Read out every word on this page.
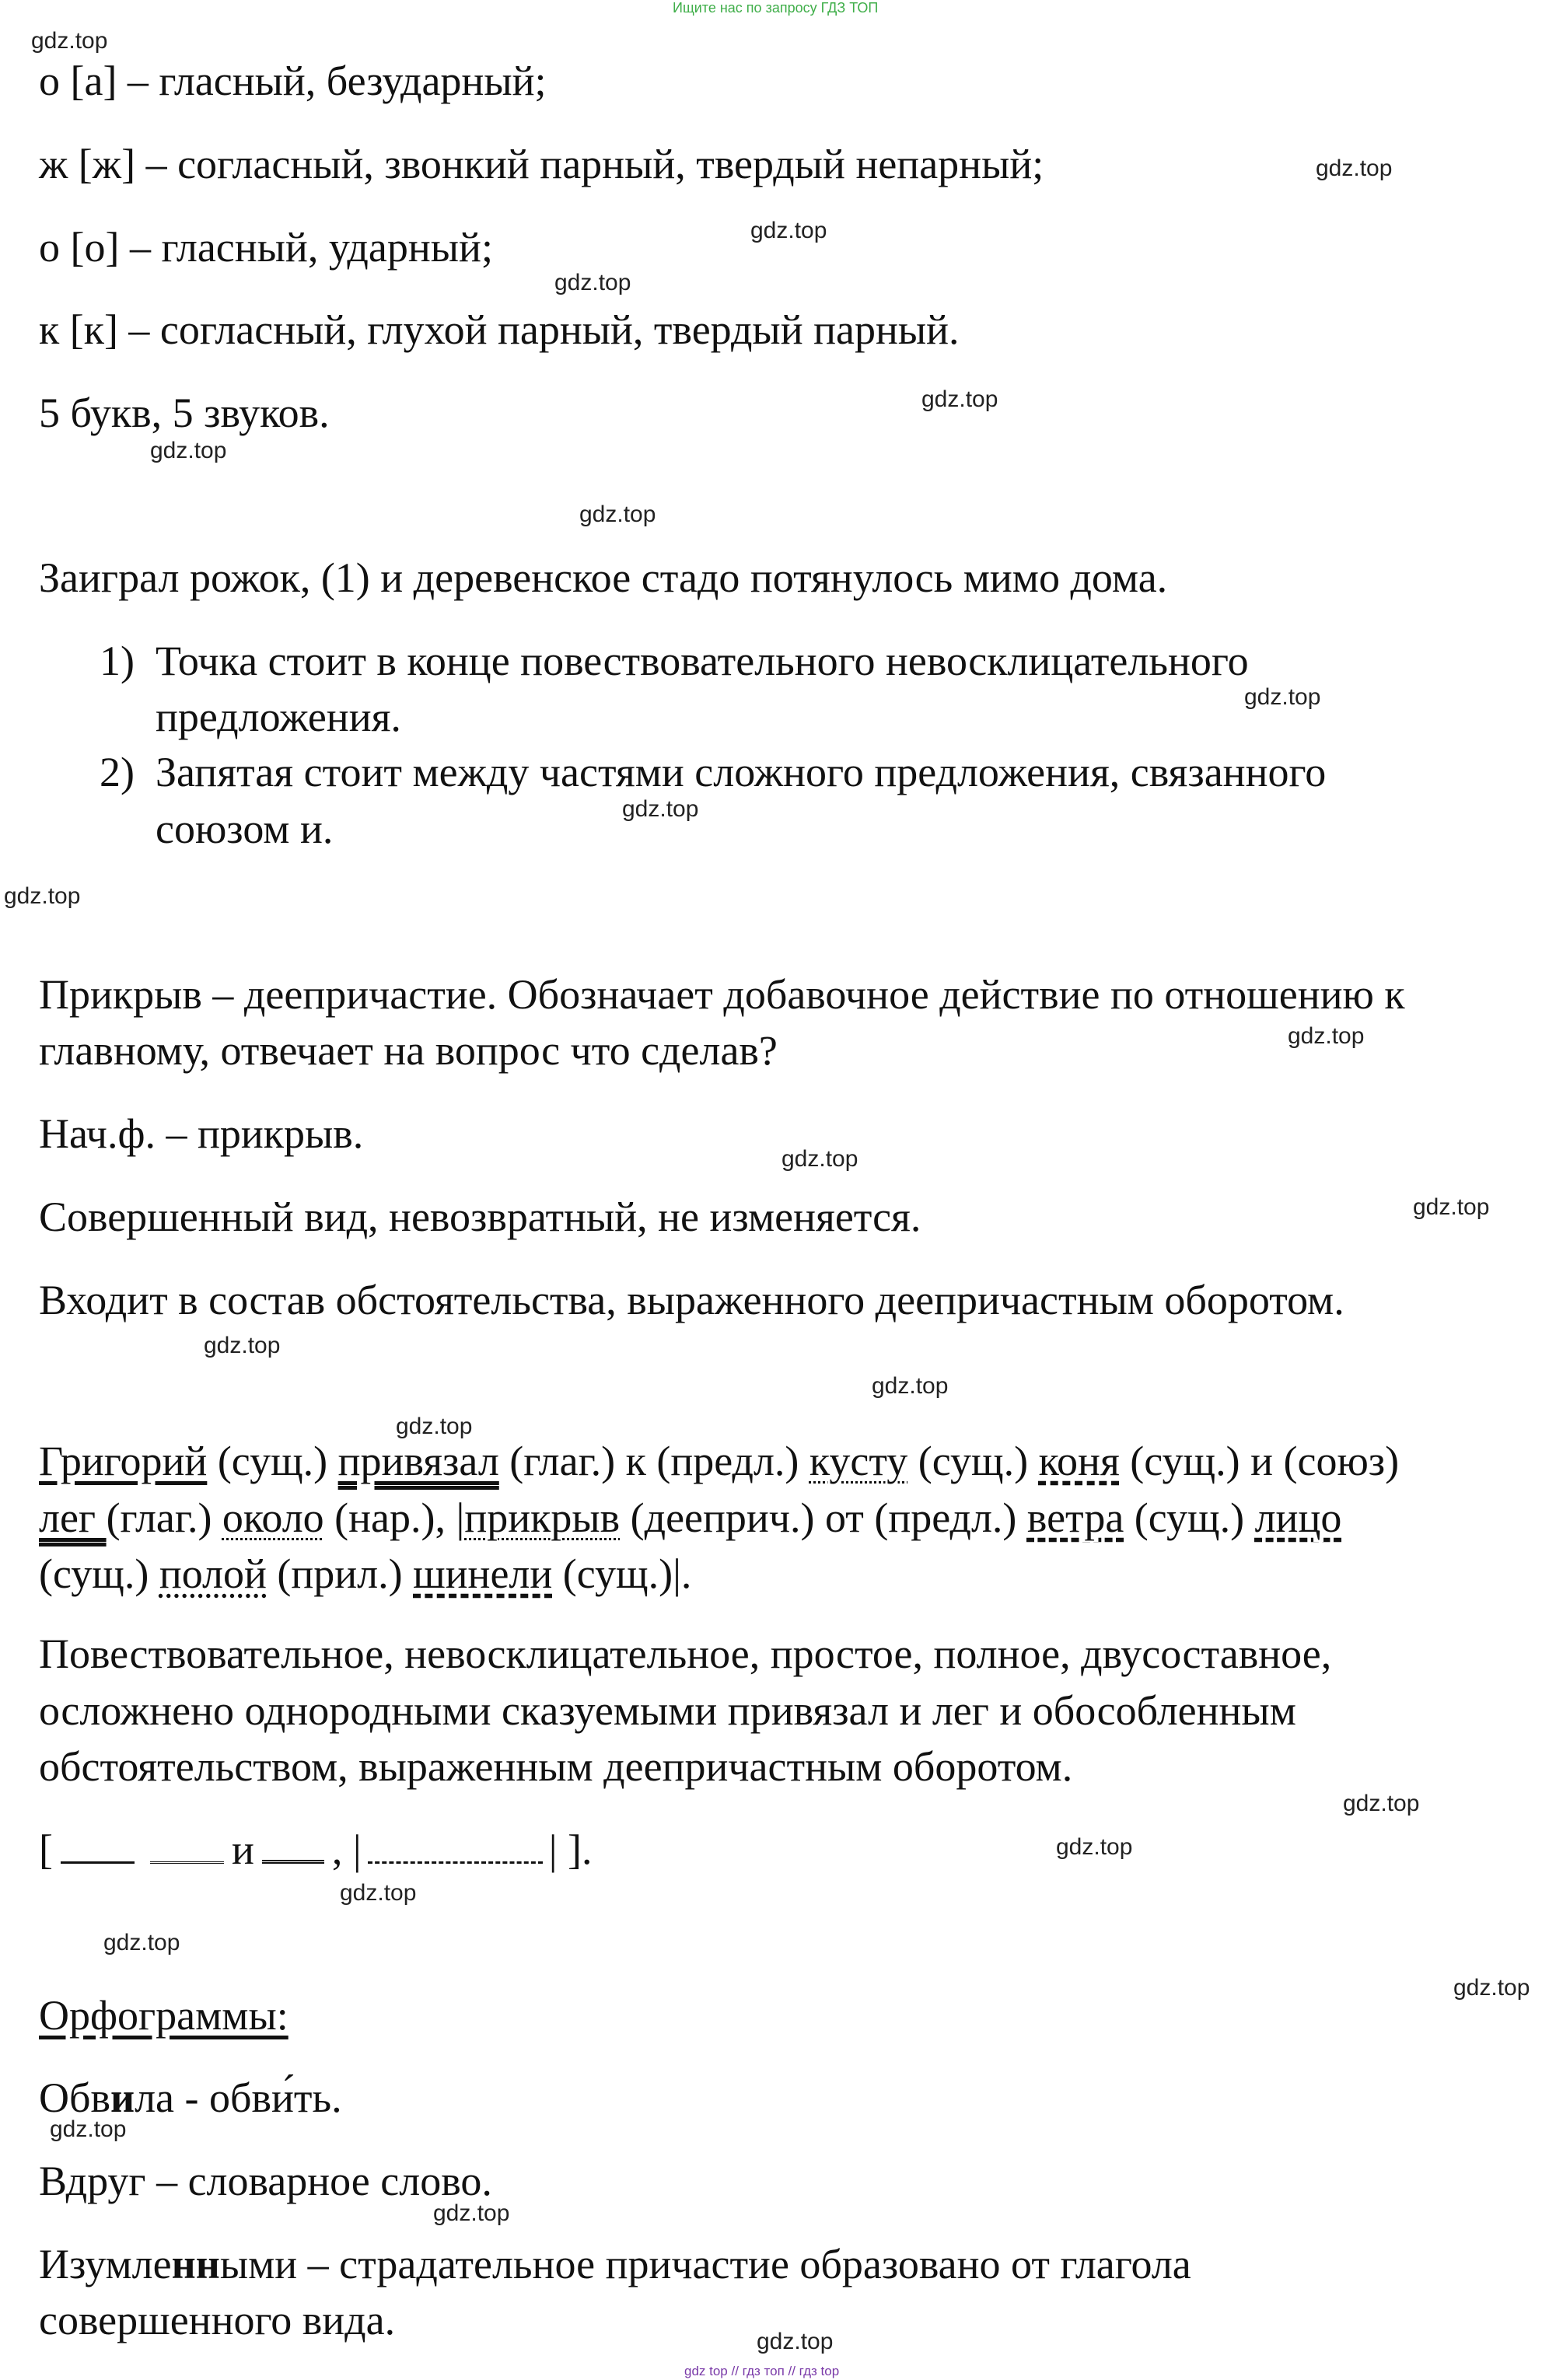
Ищите нас по запросу ГДЗ ТОП
о [а] – гласный, безударный;
ж [ж] – согласный, звонкий парный, твердый непарный;
о [о] – гласный, ударный;
к [к] – согласный, глухой парный, твердый парный.
5 букв, 5 звуков.
Заиграл рожок, (1) и деревенское стадо потянулось мимо дома.
1) Точка стоит в конце повествовательного невосклицательного
предложения.
2) Запятая стоит между частями сложного предложения, связанного
союзом и.
Прикрыв – деепричастие. Обозначает добавочное действие по отношению к
главному, отвечает на вопрос что сделав?
Нач.ф. – прикрыв.
Совершенный вид, невозвратный, не изменяется.
Входит в состав обстоятельства, выраженного деепричастным оборотом.
Григорий (сущ.) привязал (глаг.) к (предл.) кусту (сущ.) коня (сущ.) и (союз)
лег (глаг.) около (нар.), |прикрыв (дееприч.) от (предл.) ветра (сущ.) лицо
(сущ.) полой (прил.) шинели (сущ.)|.
Повествовательное, невосклицательное, простое, полное, двусоставное,
осложнено однородными сказуемыми привязал и лег и обособленным
обстоятельством, выраженным деепричастным оборотом.
[	и , |	| ].
Орфограммы:
Обвила - обви́ть.
Вдруг – словарное слово.
Изумленными – страдательное причастие образовано от глагола
совершенного вида.
gdz.top
gdz.top
gdz.top
gdz.top
gdz.top
gdz.top
gdz.top
gdz.top
gdz.top
gdz.top
gdz.top
gdz.top
gdz.top
gdz.top
gdz.top
gdz.top
gdz.top
gdz.top
gdz.top
gdz.top
gdz.top
gdz.top
gdz.top
gdz.top
gdz top // гдз топ // гдз top
